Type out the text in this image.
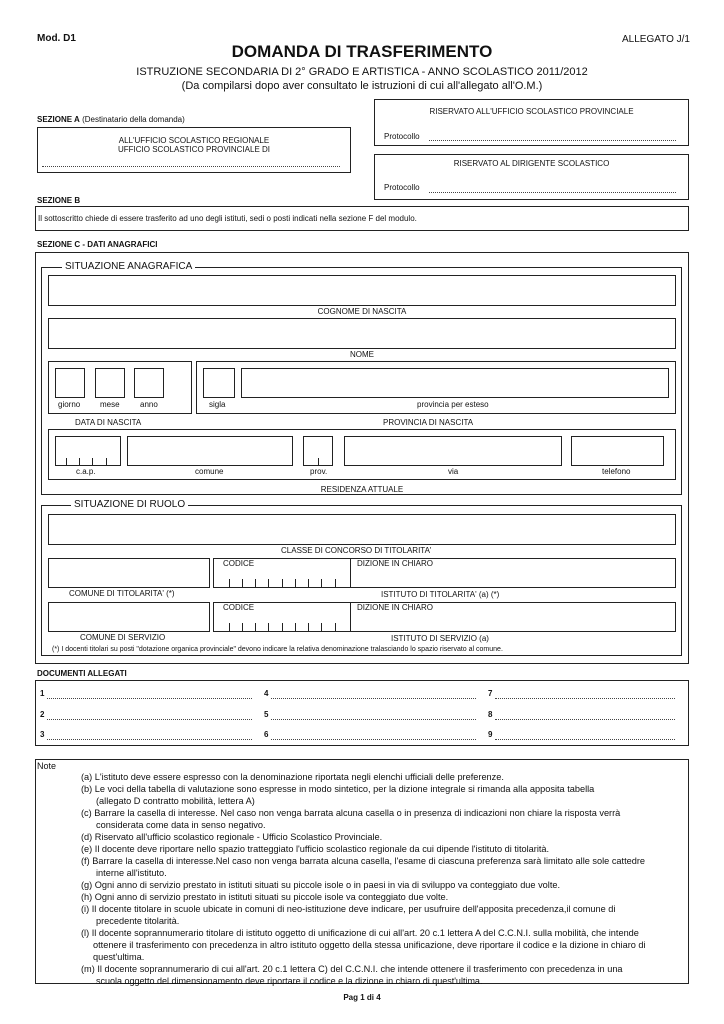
Mod. D1	ALLEGATO J/1
DOMANDA DI TRASFERIMENTO
ISTRUZIONE SECONDARIA DI 2° GRADO E ARTISTICA - ANNO SCOLASTICO 2011/2012
(Da compilarsi dopo aver consultato le istruzioni di cui all'allegato all'O.M.)
SEZIONE A (Destinatario della domanda)
ALL'UFFICIO SCOLASTICO REGIONALE
UFFICIO SCOLASTICO PROVINCIALE DI
RISERVATO ALL'UFFICIO SCOLASTICO PROVINCIALE
Protocollo
RISERVATO AL DIRIGENTE SCOLASTICO
Protocollo
SEZIONE B
Il sottoscritto chiede di essere trasferito ad uno degli istituti, sedi o posti indicati nella sezione F del modulo.
SEZIONE C - DATI ANAGRAFICI
SITUAZIONE ANAGRAFICA
COGNOME DI NASCITA
NOME
giorno mese	anno
DATA DI NASCITA
sigla	provincia per esteso
PROVINCIA DI NASCITA
c.a.p.	comune	prov.	via	telefono
RESIDENZA ATTUALE
SITUAZIONE DI RUOLO
CLASSE DI CONCORSO DI TITOLARITA'
CODICE	DIZIONE IN CHIARO
COMUNE DI TITOLARITA' (*)	ISTITUTO DI TITOLARITA' (a) (*)
CODICE	DIZIONE IN CHIARO
COMUNE DI SERVIZIO	ISTITUTO DI SERVIZIO (a)
(*) I docenti titolari su posti "dotazione organica provinciale" devono indicare la relativa denominazione tralasciando lo spazio riservato al comune.
DOCUMENTI ALLEGATI
1	4	7
2	5	8
3	6	9
Note
(a) L'istituto deve essere espresso con la denominazione riportata negli elenchi ufficiali delle preferenze.
(b) Le voci della tabella di valutazione sono espresse in modo sintetico, per la dizione integrale si rimanda alla apposita tabella
(allegato D contratto mobilità, lettera A)
(c) Barrare la casella di interesse. Nel caso non venga barrata alcuna casella o in presenza di indicazioni non chiare la risposta verrà
considerata come data in senso negativo.
(d) Riservato all'ufficio scolastico regionale - Ufficio Scolastico Provinciale.
(e) Il docente deve riportare nello spazio tratteggiato l'ufficio scolastico regionale da cui dipende l'istituto di titolarità.
(f) Barrare la casella di interesse.Nel caso non venga barrata alcuna casella, l'esame di ciascuna preferenza sarà limitato alle sole cattedre
interne all'istituto.
(g) Ogni anno di servizio prestato in istituti situati su piccole isole o in paesi in via di sviluppo va conteggiato due volte.
(h) Ogni anno di servizio prestato in istituti situati su piccole isole va conteggiato due volte.
(i) Il docente titolare in scuole ubicate in comuni di neo-istituzione deve indicare, per usufruire dell'apposita precedenza,il comune di
precedente titolarità.
(l) Il docente soprannumerario titolare di istituto oggetto di unificazione di cui all'art. 20 c.1 lettera A del C.C.N.I. sulla mobilità, che intende
ottenere il trasferimento con precedenza in altro istituto oggetto della stessa unificazione, deve riportare il codice e la dizione in chiaro di
quest'ultima.
(m) Il docente soprannumerario di cui all'art. 20 c.1 lettera C) del C.C.N.I. che intende ottenere il trasferimento con precedenza in una
scuola oggetto del dimensionamento deve riportare il codice e la dizione in chiaro di quest'ultima.
Pag 1 di 4
